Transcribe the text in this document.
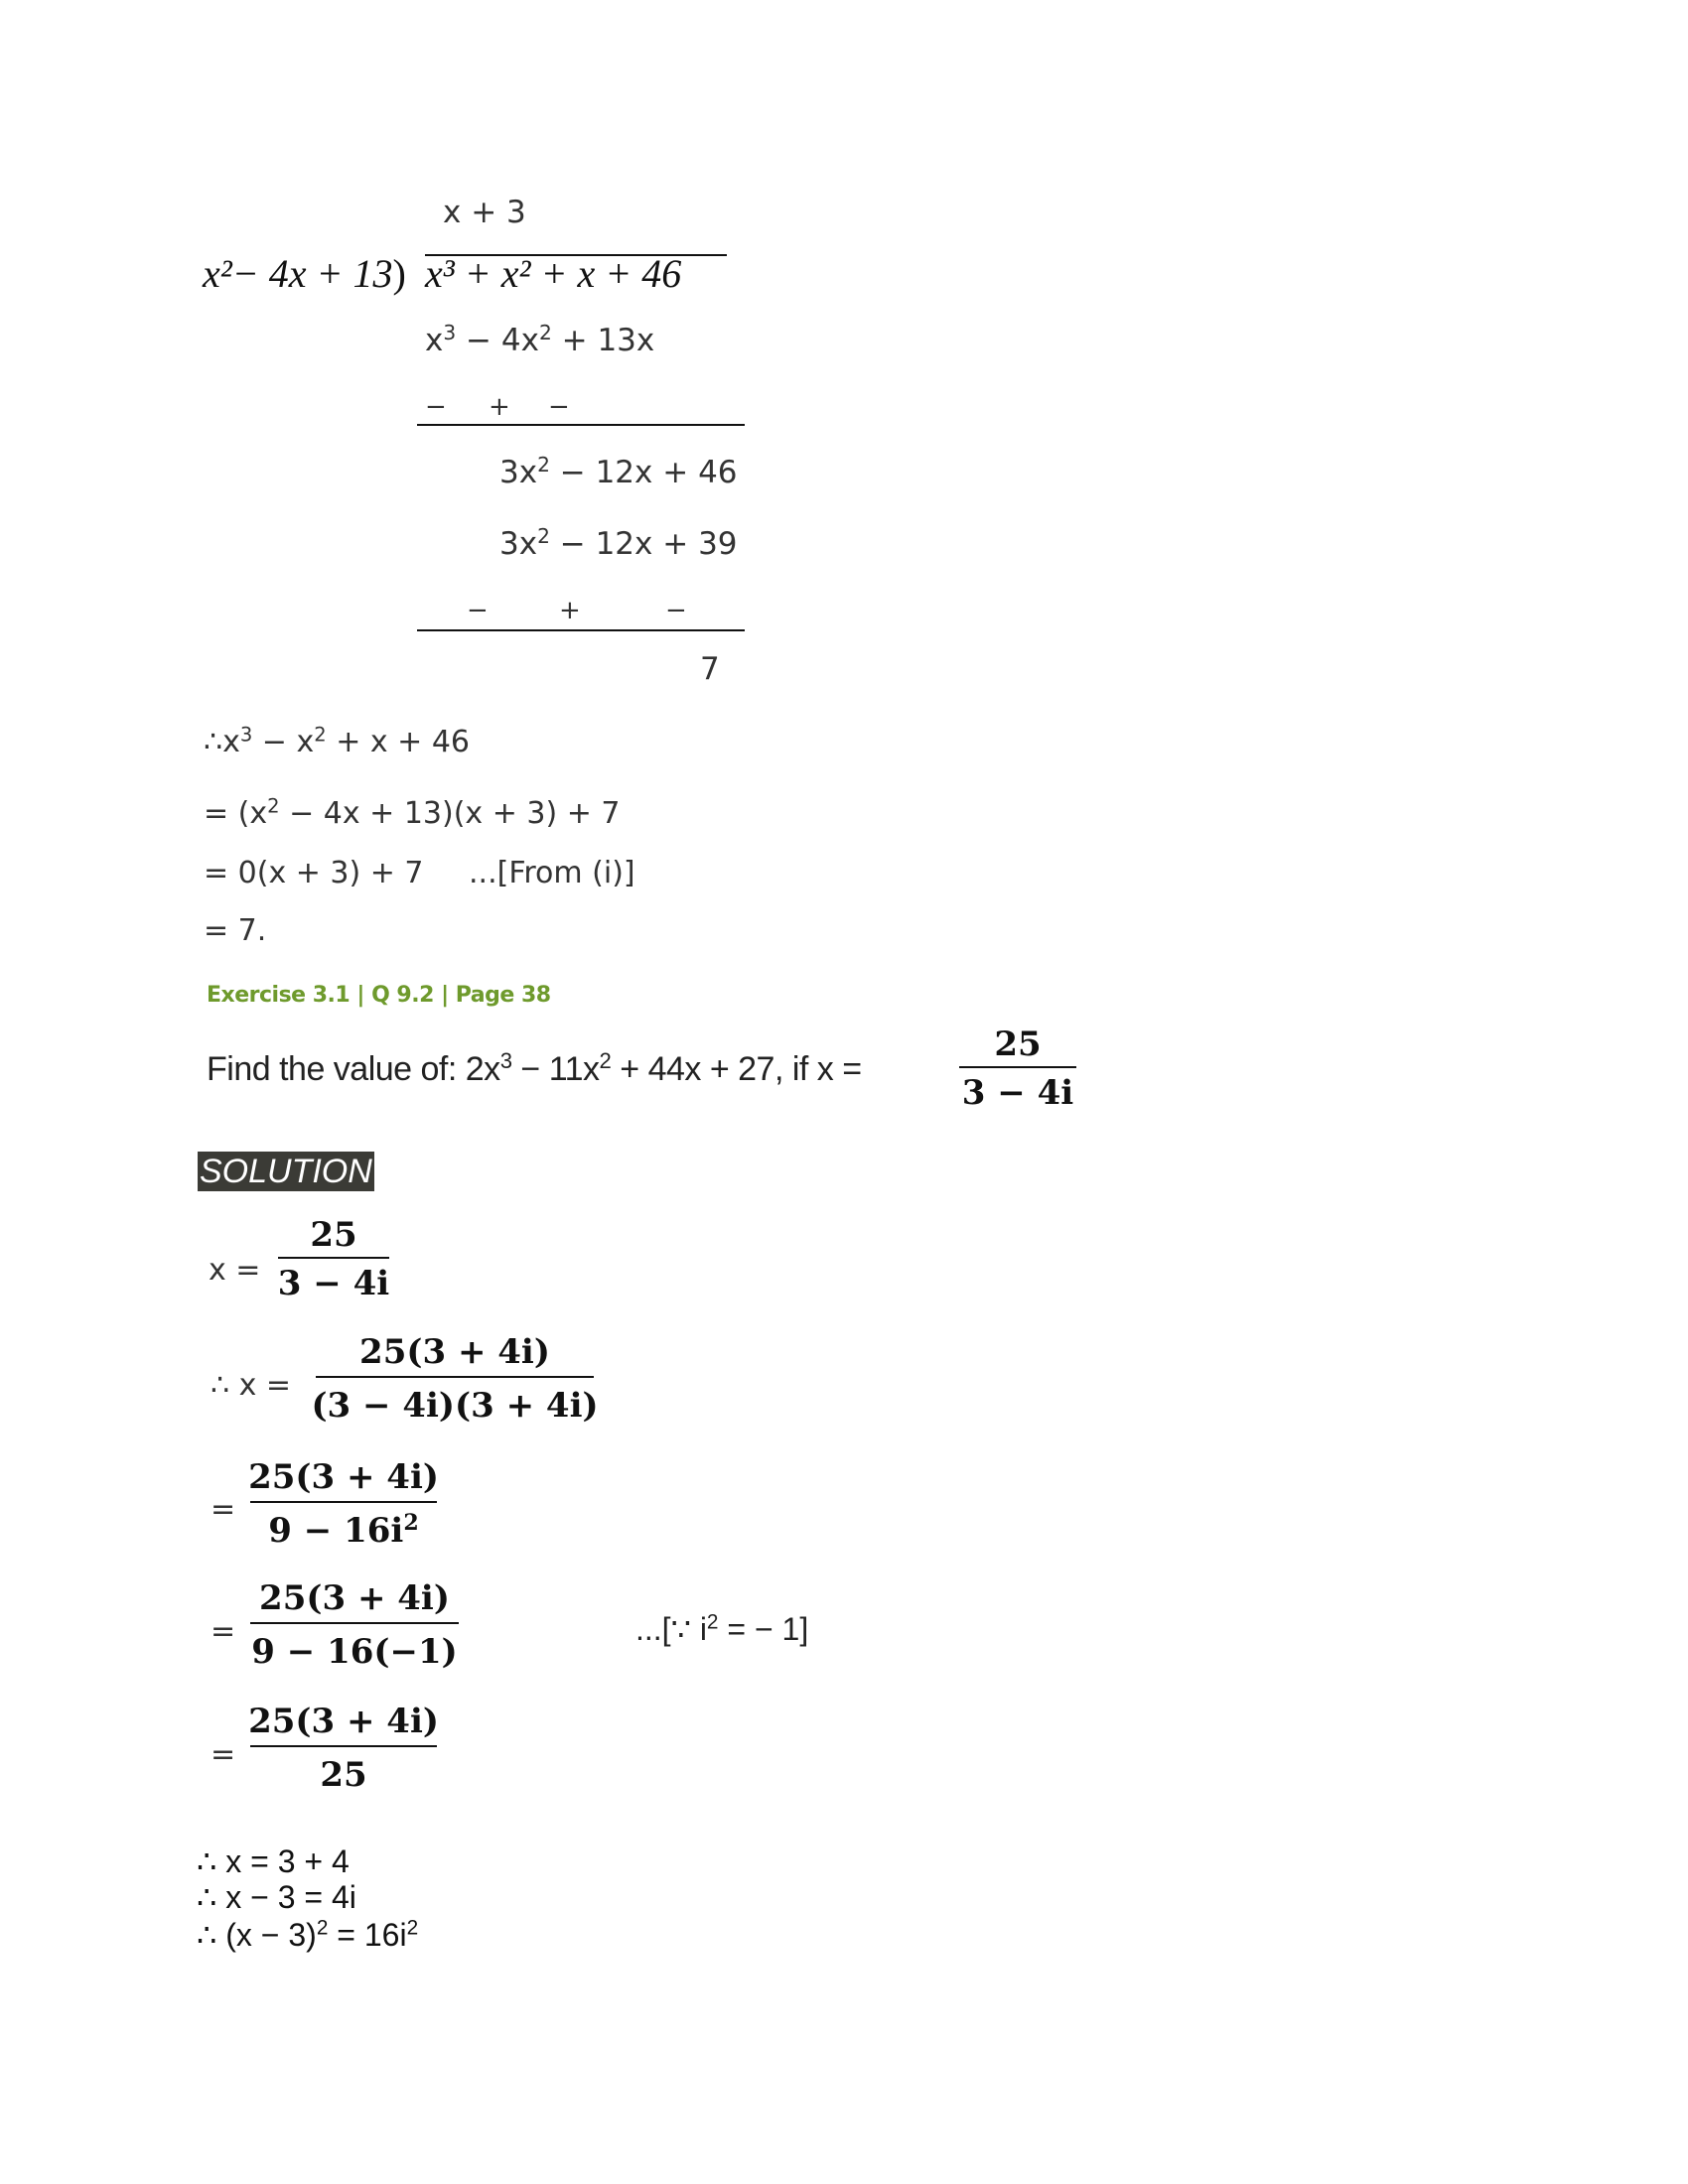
x + 3
x²− 4x + 13) x³ + x² + x + 46
$x^3 - 4x^2 + 13x$
− + −
$3x^2 - 12x + 46$
$3x^2 - 12x + 39$
−	+	−
7
$\therefore x^3 - x^2 + x + 46$
= $(x^2 - 4x + 13)(x + 3) + 7$
= 0(x + 3) + 7 ...[From (i)]
= 7.
Exercise 3.1 | Q 9.2 | Page 38
Find the value of: $2x^3 - 11x^2 + 44x + 27$, if x =
25
3 − 4i
SOLUTION
x =
25
3 − 4i
∴ x =
25(3 + 4i)
(3 − 4i)(3 + 4i)
=
25(3 + 4i)
$9 - 16i^2$
=
25(3 + 4i)
9 − 16(−1)
...[∵ $i^2$ = − 1]
=
25(3 + 4i)
25
∴ x = 3 + 4
∴ x − 3 = 4i
∴ $(x - 3)^2 = 16i^2$
